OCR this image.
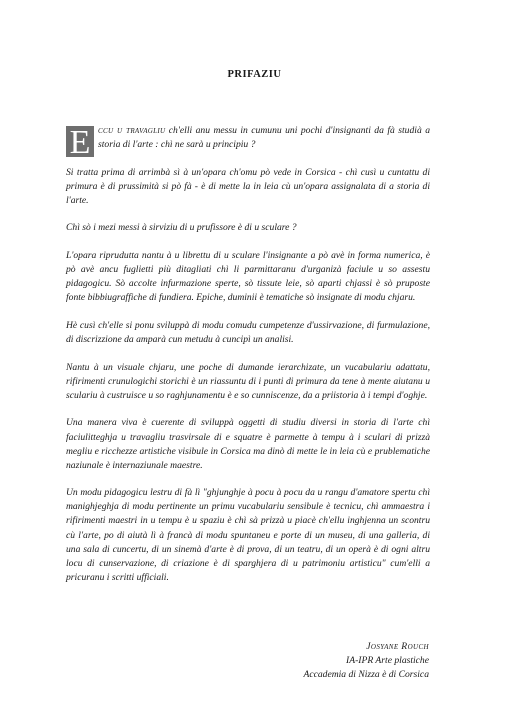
PRIFAZIU

E ccu u travagliu ch'elli anu messu in cumunu uni pochi d'insignanti da fà studià a storia di l'arte : chì ne sarà u principiu ?

Si tratta prima di arrimbà sì à un'opara ch'omu pò vede in Corsica - chì cusì u cuntattu di primura è di prussimità si pò fà - è di mette la in leia cù un'opara assignalata di a storia di l'arte.

Chì sò i mezi messi à sirviziu di u prufissore è di u sculare ?

L'opara riprudutta nantu à u librettu di u sculare l'insignante a pò avè in forma numerica, è pò avè ancu fuglietti più ditagliati chì li parmittaranu d'urganizà faciule u so assestu pidagogicu. Sò accolte infurmazione sperte, sò tissute leie, sò aparti chjassi è sò pruposte fonte bibbiugraffiche di fundiera. Epiche, duminii è tematiche sò insignate di modu chjaru.

Hè cusì ch'elle si ponu sviluppà di modu comudu cumpetenze d'ussirvazione, di furmulazione, di discrizzione da amparà cun metudu à cuncipì un analisi.

Nantu à un visuale chjaru, une poche di dumande ierarchizate, un vucabulariu adattatu, rifirimenti crunulogichi storichi è un riassuntu di i punti di primura da tene à mente aiutanu u sculariu à custruisce u so raghjunamentu è e so cunniscenze, da a priistoria à i tempi d'oghje.

Una manera viva è cuerente di sviluppà oggetti di studiu diversi in storia di l'arte chì faciulitteghja u travagliu trasvirsale di e squatre è parmette à tempu à i sculari di prizzà megliu e ricchezze artistiche visibule in Corsica ma dinò di mette le in leia cù e prublematiche naziunale è internaziunale maestre.

Un modu pidagogicu lestru di fà lì "ghjunghje à pocu à pocu da u rangu d'amatore spertu chì manighjeghja di modu pertinente un primu vucabulariu sensibule è tecnicu, chì ammaestra i rifirimenti maestri in u tempu è u spaziu è chì sà prizzà u piacè ch'ellu inghjenna un scontru cù l'arte, po di aiutà lì à francà di modu spuntaneu e porte di un museu, di una galleria, di una sala di cuncertu, di un sinemà d'arte è di prova, di un teatru, di un operà è di ogni altru locu di cunservazione, di criazione è di sparghjera di u patrimoniu artisticu" cum'elli a pricuranu i scritti ufficiali.

Josyane Rouch
IA-IPR Arte plastiche
Accademia di Nizza è di Corsica
